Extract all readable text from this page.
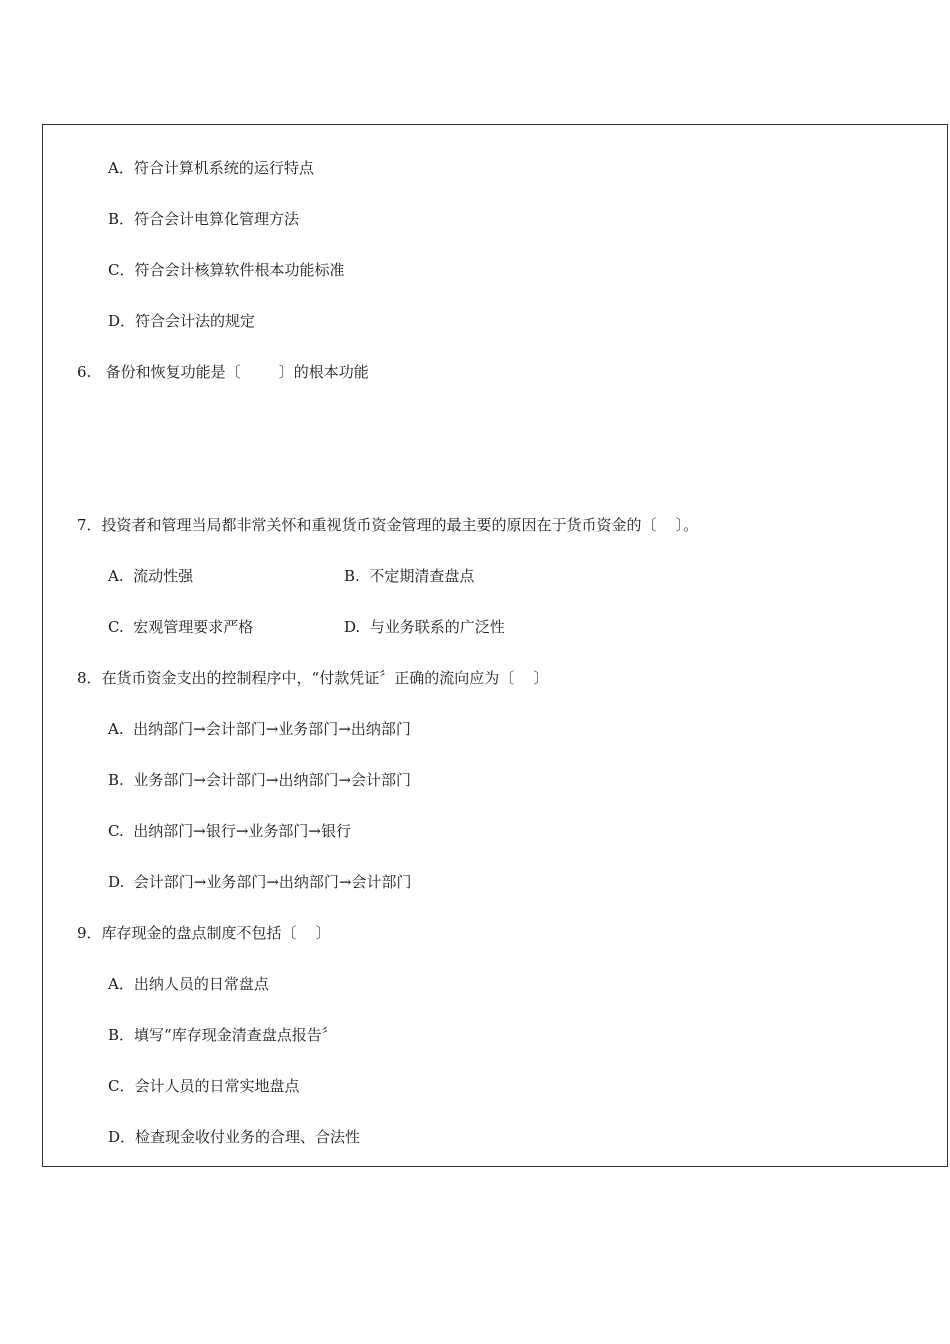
A．符合计算机系统的运行特点
B．符合会计电算化管理方法
C．符合会计核算软件根本功能标准
D．符合会计法的规定
6.   备份和恢复功能是〔        〕的根本功能
7．投资者和管理当局都非常关怀和重视货币资金管理的最主要的原因在于货币资金的〔    〕。
A.  流动性强	B.  不定期清查盘点
C.  宏观管理要求严格	D.  与业务联系的广泛性
8．在货币资金支出的控制程序中，“付款凭证〞正确的流向应为〔    〕
A.  出纳部门→会计部门→业务部门→出纳部门
B.  业务部门→会计部门→出纳部门→会计部门
C.  出纳部门→银行→业务部门→银行
D.  会计部门→业务部门→出纳部门→会计部门
9．库存现金的盘点制度不包括〔    〕
A．出纳人员的日常盘点
B．填写“库存现金清查盘点报告〞
C．会计人员的日常实地盘点
D．检查现金收付业务的合理、合法性
